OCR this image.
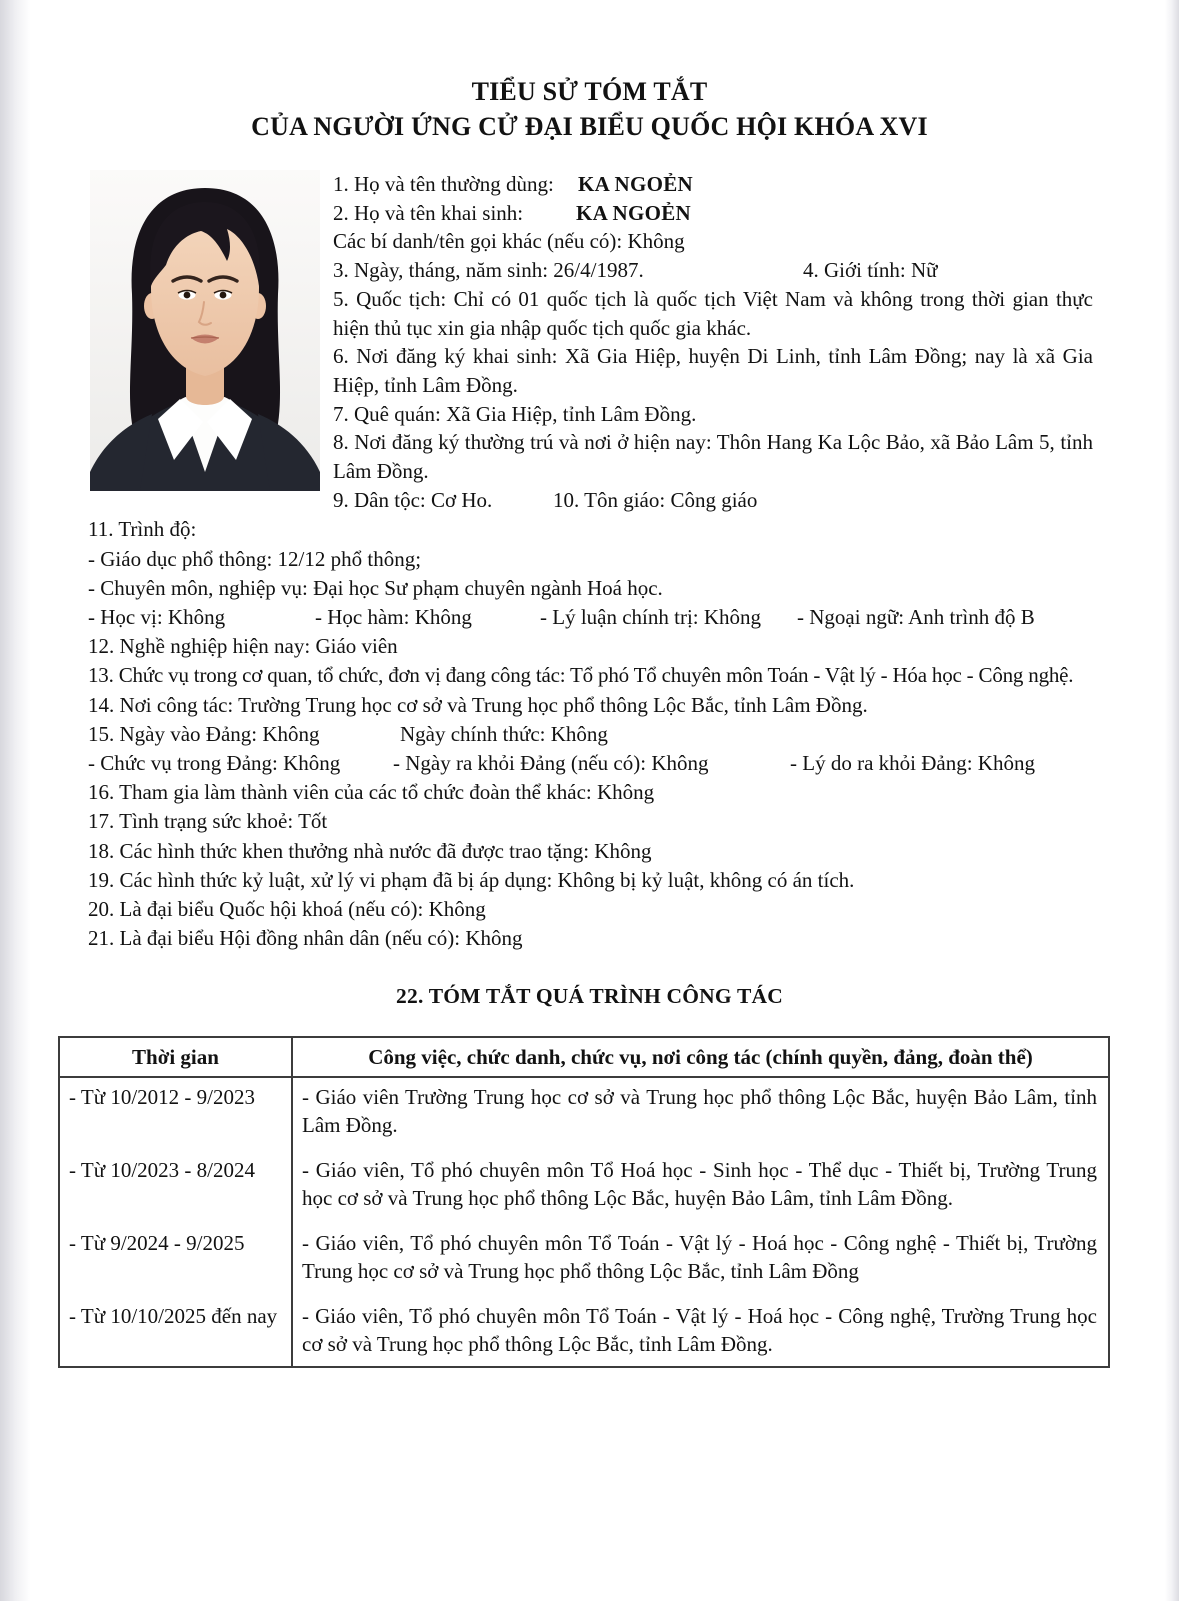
TIỂU SỬ TÓM TẮT
CỦA NGƯỜI ỨNG CỬ ĐẠI BIỂU QUỐC HỘI KHÓA XVI
1. Họ và tên thường dùng: KA NGOẺN
2. Họ và tên khai sinh:	KA NGOẺN
Các bí danh/tên gọi khác (nếu có): Không
3. Ngày, tháng, năm sinh: 26/4/1987.	4. Giới tính: Nữ
5. Quốc tịch: Chỉ có 01 quốc tịch là quốc tịch Việt Nam và không trong thời gian thực hiện thủ tục xin gia nhập quốc tịch quốc gia khác.
6. Nơi đăng ký khai sinh: Xã Gia Hiệp, huyện Di Linh, tỉnh Lâm Đồng; nay là xã Gia Hiệp, tỉnh Lâm Đồng.
7. Quê quán: Xã Gia Hiệp, tỉnh Lâm Đồng.
8. Nơi đăng ký thường trú và nơi ở hiện nay: Thôn Hang Ka Lộc Bảo, xã Bảo Lâm 5, tỉnh Lâm Đồng.
9. Dân tộc: Cơ Ho.	10. Tôn giáo: Công giáo
11. Trình độ:
- Giáo dục phổ thông: 12/12 phổ thông;
- Chuyên môn, nghiệp vụ: Đại học Sư phạm chuyên ngành Hoá học.
- Học vị: Không	- Học hàm: Không	- Lý luận chính trị: Không	- Ngoại ngữ: Anh trình độ B
12. Nghề nghiệp hiện nay: Giáo viên
13. Chức vụ trong cơ quan, tổ chức, đơn vị đang công tác: Tổ phó Tổ chuyên môn Toán - Vật lý - Hóa học - Công nghệ.
14. Nơi công tác: Trường Trung học cơ sở và Trung học phổ thông Lộc Bắc, tỉnh Lâm Đồng.
15. Ngày vào Đảng: Không	Ngày chính thức: Không
- Chức vụ trong Đảng: Không	- Ngày ra khỏi Đảng (nếu có): Không	- Lý do ra khỏi Đảng: Không
16. Tham gia làm thành viên của các tổ chức đoàn thể khác: Không
17. Tình trạng sức khoẻ: Tốt
18. Các hình thức khen thưởng nhà nước đã được trao tặng: Không
19. Các hình thức kỷ luật, xử lý vi phạm đã bị áp dụng: Không bị kỷ luật, không có án tích.
20. Là đại biểu Quốc hội khoá (nếu có): Không
21. Là đại biểu Hội đồng nhân dân (nếu có): Không
22. TÓM TẮT QUÁ TRÌNH CÔNG TÁC
Thời gian	Công việc, chức danh, chức vụ, nơi công tác (chính quyền, đảng, đoàn thể)
- Từ 10/2012 - 9/2023	- Giáo viên Trường Trung học cơ sở và Trung học phổ thông Lộc Bắc, huyện Bảo Lâm, tỉnh Lâm Đồng.
- Từ 10/2023 - 8/2024	- Giáo viên, Tổ phó chuyên môn Tổ Hoá học - Sinh học - Thể dục - Thiết bị, Trường Trung học cơ sở và Trung học phổ thông Lộc Bắc, huyện Bảo Lâm, tỉnh Lâm Đồng.
- Từ 9/2024 - 9/2025	- Giáo viên, Tổ phó chuyên môn Tổ Toán - Vật lý - Hoá học - Công nghệ - Thiết bị, Trường Trung học cơ sở và Trung học phổ thông Lộc Bắc, tỉnh Lâm Đồng
- Từ 10/10/2025 đến nay	- Giáo viên, Tổ phó chuyên môn Tổ Toán - Vật lý - Hoá học - Công nghệ, Trường Trung học cơ sở và Trung học phổ thông Lộc Bắc, tỉnh Lâm Đồng.
